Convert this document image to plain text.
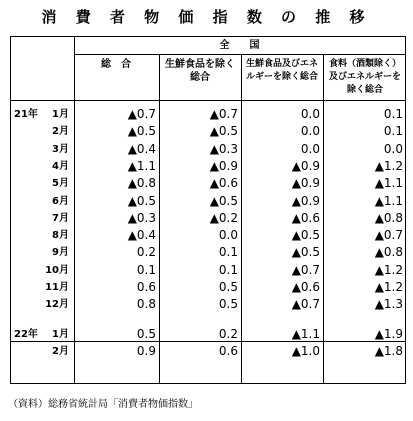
消 費 者 物 価 指 数 の 推 移
全　　国
総　合	生鮮食品を除く総合
生鮮食品及びエネルギーを除く総合
食料（酒類除く）及びエネルギーを除く総合
21年	1月	▲0.7	▲0.7	0.0	0.1
2月	▲0.5	▲0.5	0.0	0.1
3月	▲0.4	▲0.3	0.0	0.0
4月	▲1.1	▲0.9	▲0.9	▲1.2
5月	▲0.8	▲0.6	▲0.9	▲1.1
6月	▲0.5	▲0.5	▲0.9	▲1.1
7月	▲0.3	▲0.2	▲0.6	▲0.8
8月	▲0.4	0.0	▲0.5	▲0.7
9月	0.2	0.1	▲0.5	▲0.8
10月	0.1	0.1	▲0.7	▲1.2
11月	0.6	0.5	▲0.6	▲1.2
12月	0.8	0.5	▲0.7	▲1.3
22年	1月	0.5	0.2	▲1.1	▲1.9
2月	0.9	0.6	▲1.0	▲1.8
（資料）総務省統計局「消費者物価指数」
